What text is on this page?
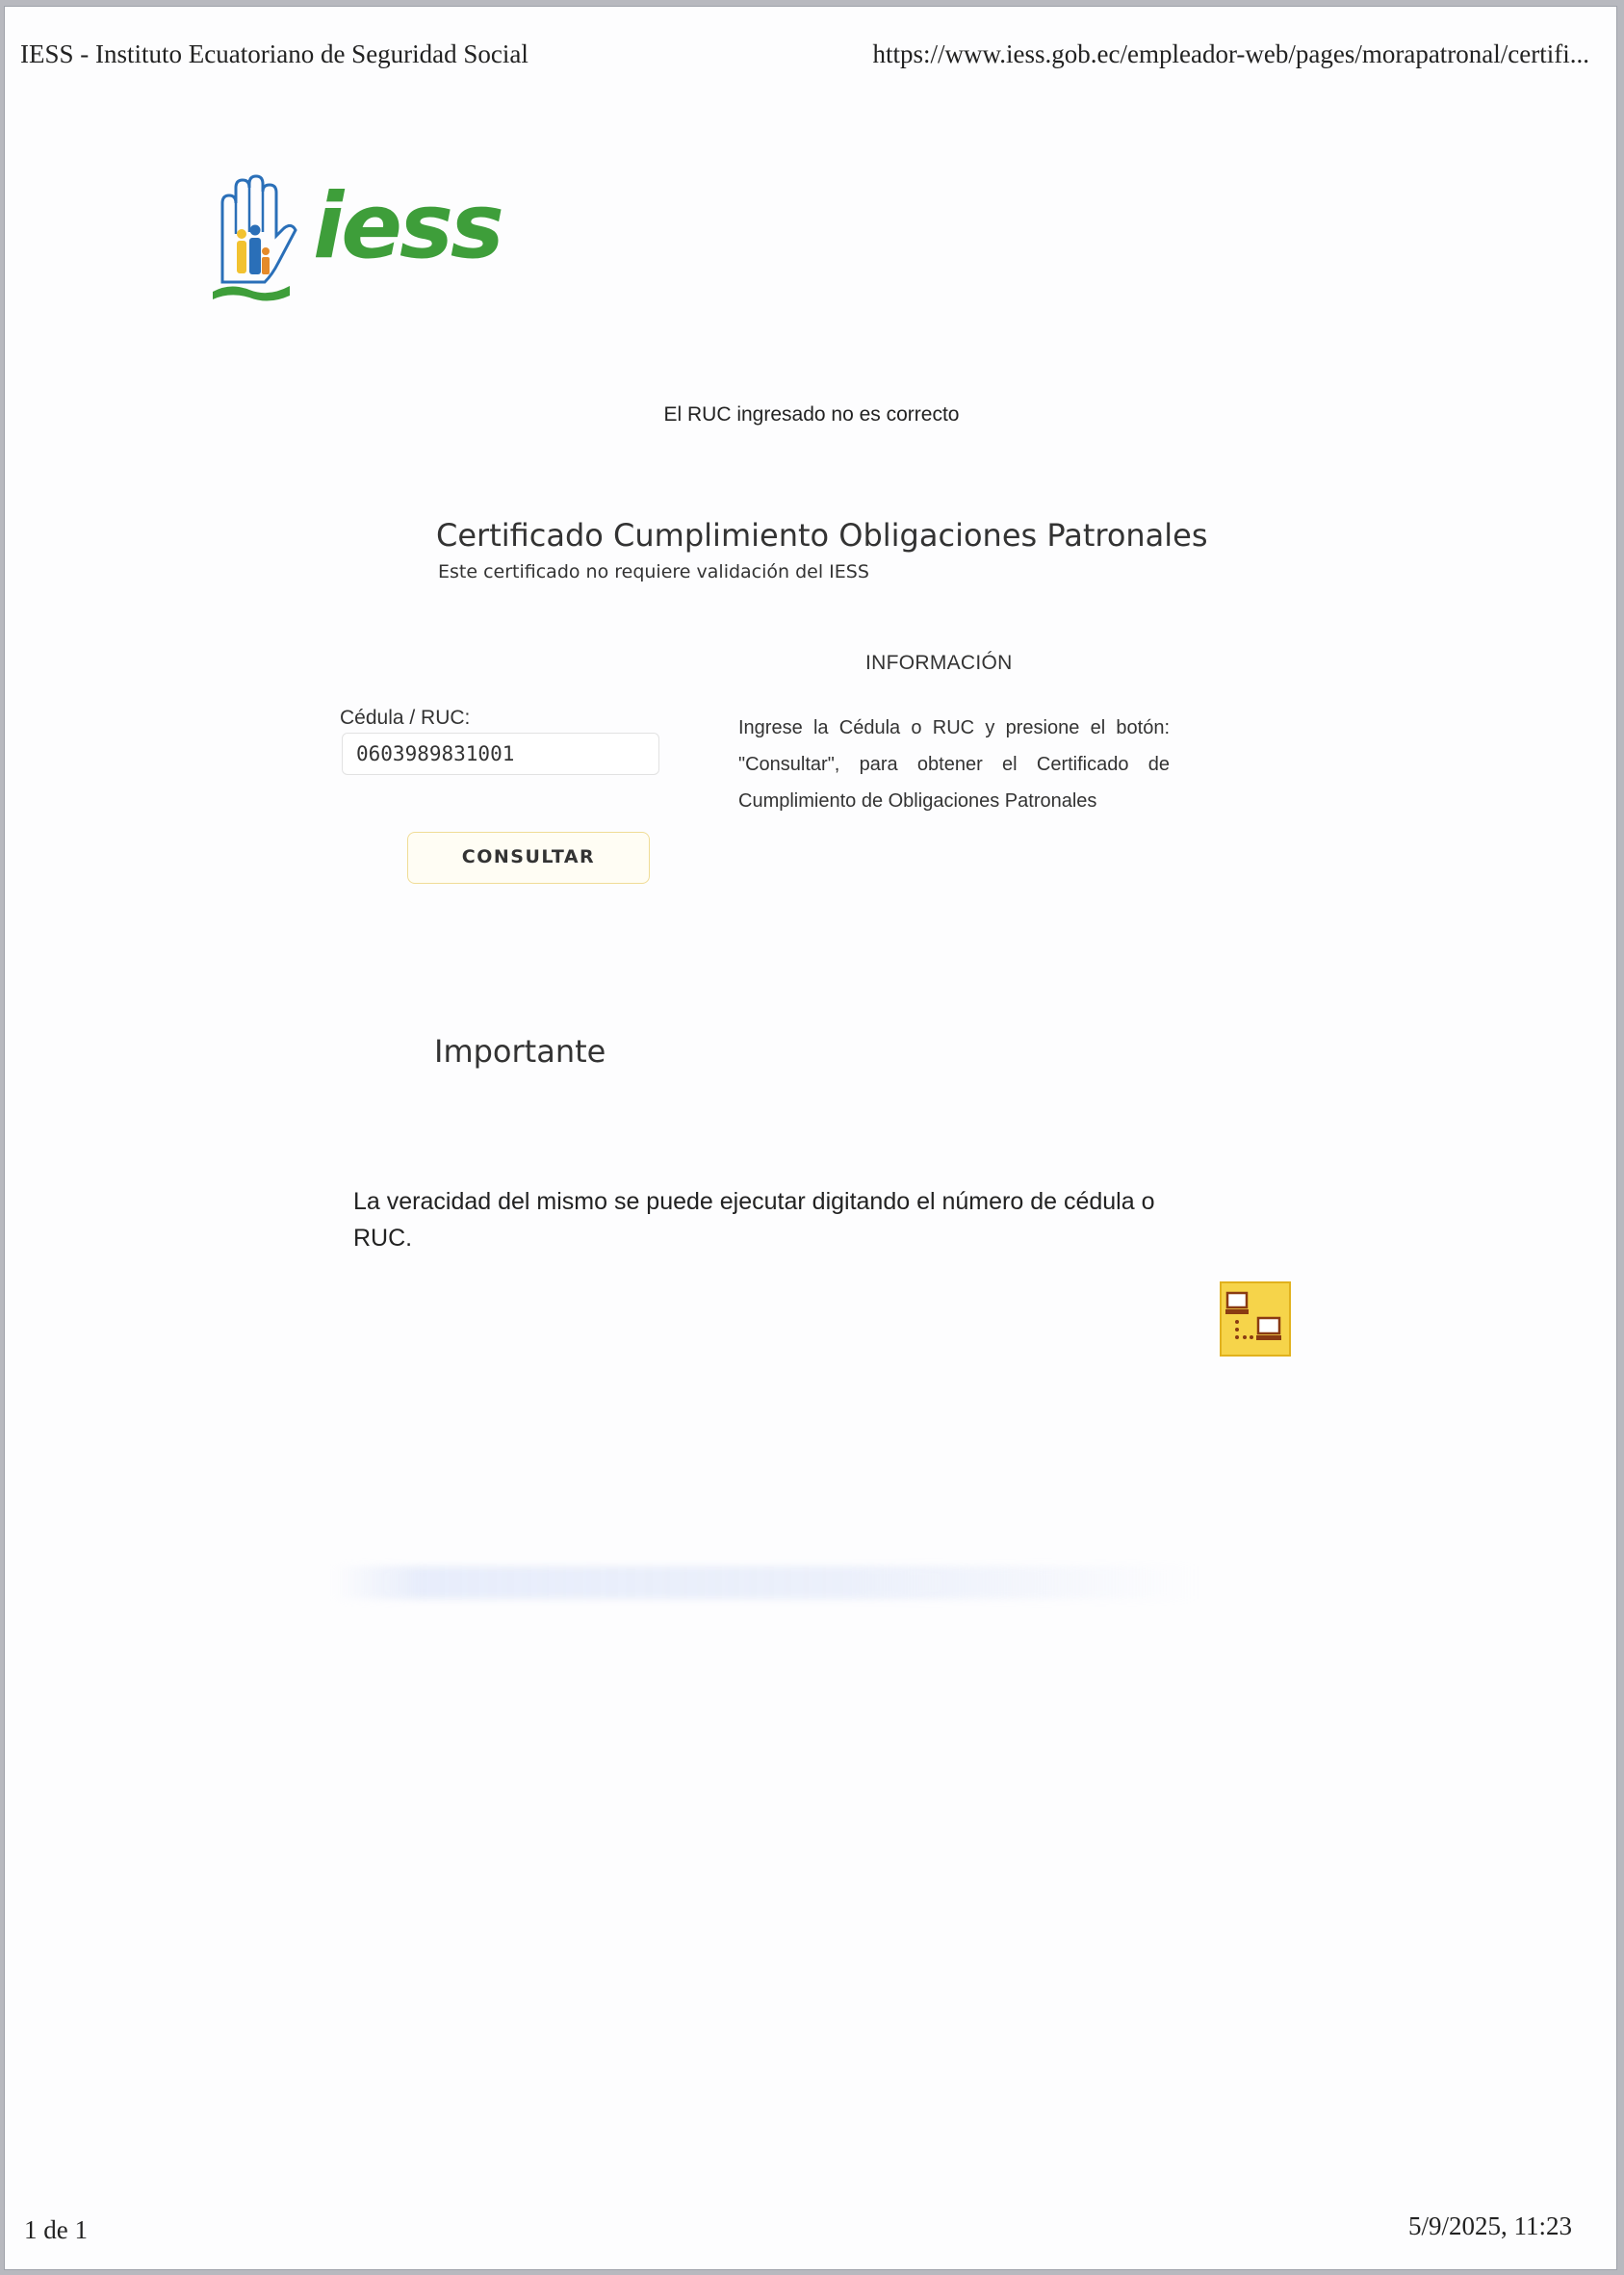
IESS - Instituto Ecuatoriano de Seguridad Social	https://www.iess.gob.ec/empleador-web/pages/morapatronal/certifi...
iess
El RUC ingresado no es correcto
Certificado Cumplimiento Obligaciones Patronales
Este certificado no requiere validación del IESS
INFORMACIÓN
Cédula / RUC:
0603989831001
CONSULTAR
Ingrese la Cédula o RUC y presione el botón: "Consultar", para obtener el Certificado de Cumplimiento de Obligaciones Patronales
Importante
La veracidad del mismo se puede ejecutar digitando el número de cédula o RUC.
1 de 1	5/9/2025, 11:23
